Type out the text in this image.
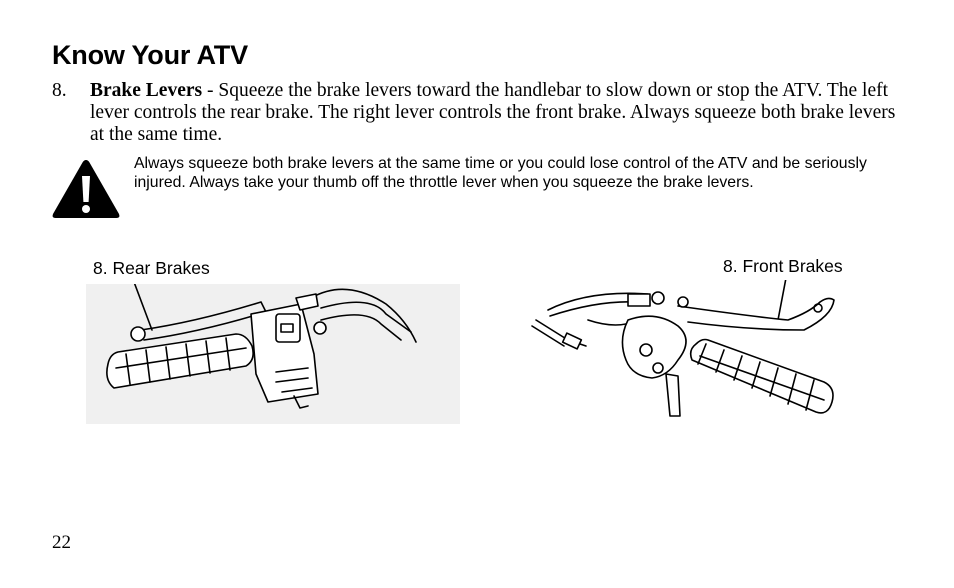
Know Your ATV
8. Brake Levers - Squeeze the brake levers toward the handlebar to slow down or stop the ATV. The left lever controls the rear brake. The right lever controls the front brake. Always squeeze both brake levers at the same time.
Always squeeze both brake levers at the same time or you could lose control of the ATV and be seriously injured. Always take your thumb off the throttle lever when you squeeze the brake levers.
8. Rear Brakes	8. Front Brakes
22
